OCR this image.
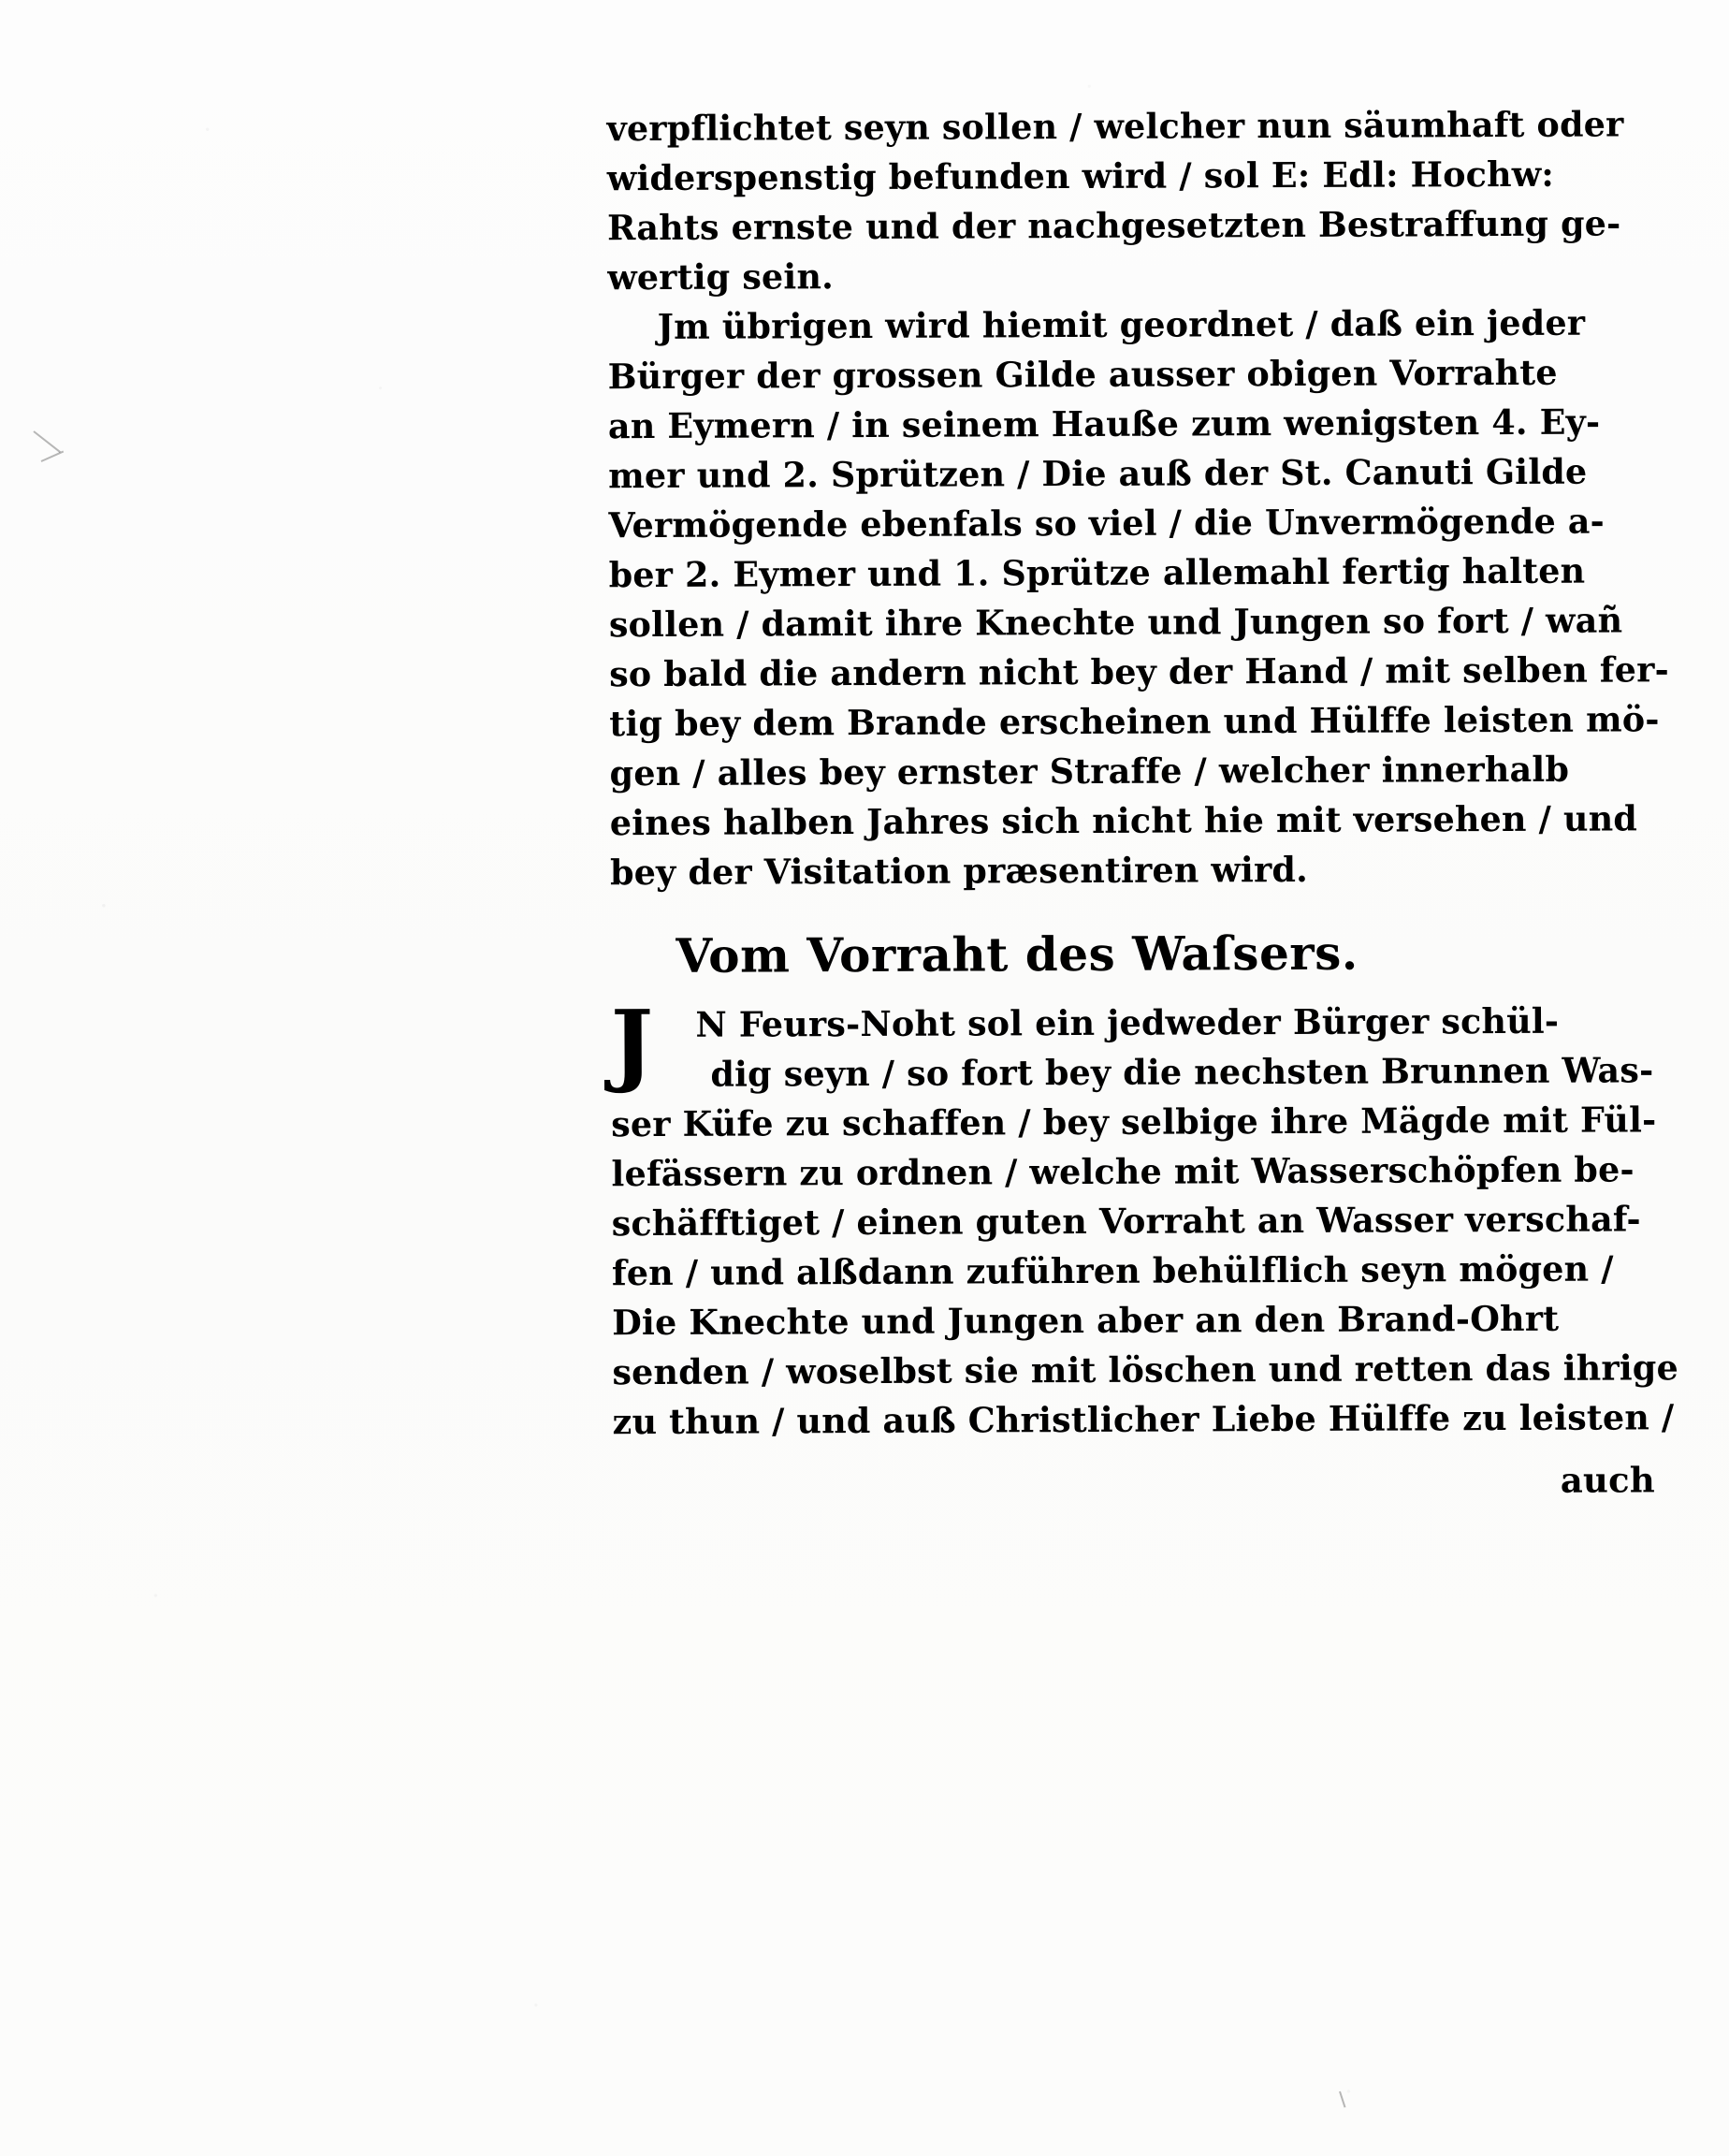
verpflichtet seyn sollen / welcher nun säumhaft oder
widerspenstig befunden wird / sol E: Edl: Hochw:
Rahts ernste und der nachgesetzten Bestraffung ge-
wertig sein.
Jm übrigen wird hiemit geordnet / daß ein jeder
Bürger der grossen Gilde ausser obigen Vorrahte
an Eymern / in seinem Hauße zum wenigsten 4. Ey-
mer und 2. Sprützen / Die auß der St. Canuti Gilde
Vermögende ebenfals so viel / die Unvermögende a-
ber 2. Eymer und 1. Sprütze allemahl fertig halten
sollen / damit ihre Knechte und Jungen so fort / wañ
so bald die andern nicht bey der Hand / mit selben fer-
tig bey dem Brande erscheinen und Hülffe leisten mö-
gen / alles bey ernster Straffe / welcher innerhalb
eines halben Jahres sich nicht hie mit versehen / und
bey der Visitation præsentiren wird.
Vom Vorraht des Waſsers.
J	N Feurs-Noht sol ein jedweder Bürger schül-
dig seyn / so fort bey die nechsten Brunnen Was-
ser Küfe zu schaffen / bey selbige ihre Mägde mit Fül-
lefässern zu ordnen / welche mit Wasserschöpfen be-
schäfftiget / einen guten Vorraht an Wasser verschaf-
fen / und alßdann zuführen behülflich seyn mögen /
Die Knechte und Jungen aber an den Brand-Ohrt
senden / woselbst sie mit löschen und retten das ihrige
zu thun / und auß Christlicher Liebe Hülffe zu leisten /
auch
